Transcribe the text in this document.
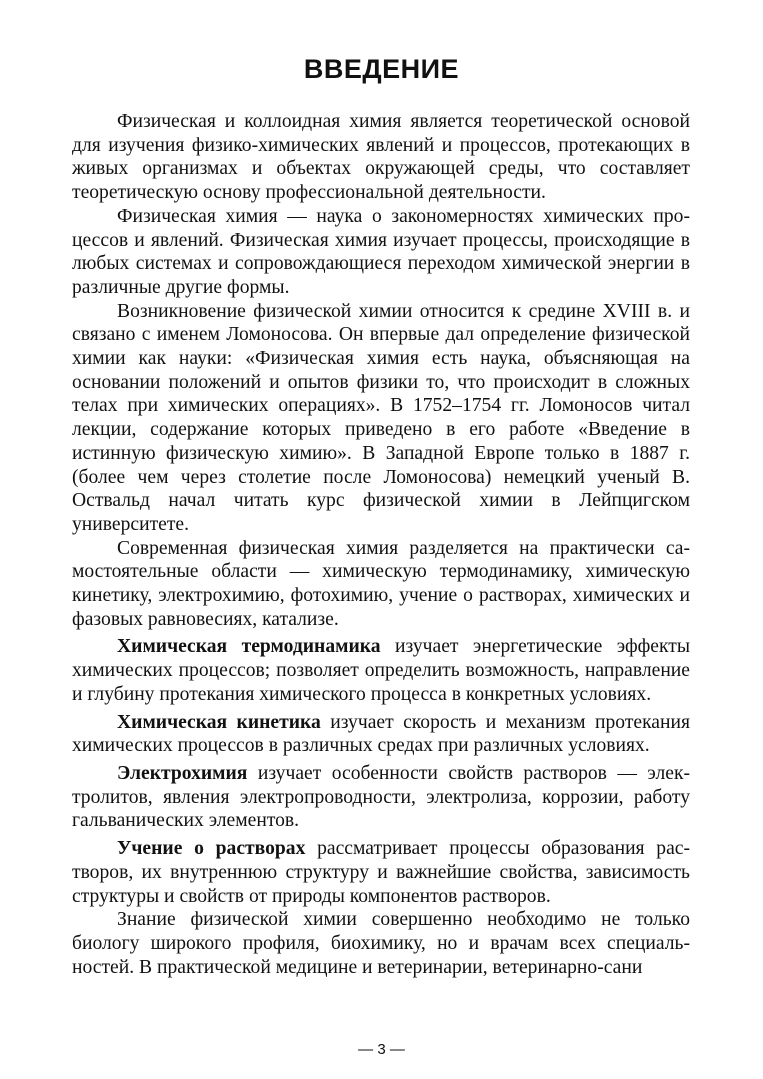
ВВЕДЕНИЕ

Физическая и коллоидная химия является теоретической основой для изучения физико-химических явлений и процессов, протекающих в живых организмах и объектах окружающей среды, что составляет теоретическую основу профессиональной деятельности.

Физическая химия — наука о закономерностях химических процессов и явлений. Физическая химия изучает процессы, происходящие в любых системах и сопровождающиеся переходом химической энергии в различные другие формы.

Возникновение физической химии относится к средине XVIII в. и связано с именем Ломоносова. Он впервые дал определение физической химии как науки: «Физическая химия есть наука, объясняющая на основании положений и опытов физики то, что происходит в сложных телах при химических операциях». В 1752–1754 гг. Ломоносов читал лекции, содержание которых приведено в его работе «Введение в истинную физическую химию». В Западной Европе только в 1887 г. (более чем через столетие после Ломоносова) немецкий ученый В. Оствальд начал читать курс физической химии в Лейпцигском университете.

Современная физическая химия разделяется на практически самостоятельные области — химическую термодинамику, химическую кинетику, электрохимию, фотохимию, учение о растворах, химических и фазовых равновесиях, катализе.

Химическая термодинамика изучает энергетические эффекты химических процессов; позволяет определить возможность, направление и глубину протекания химического процесса в конкретных условиях.

Химическая кинетика изучает скорость и механизм протекания химических процессов в различных средах при различных условиях.

Электрохимия изучает особенности свойств растворов — электролитов, явления электропроводности, электролиза, коррозии, работу гальванических элементов.

Учение о растворах рассматривает процессы образования растворов, их внутреннюю структуру и важнейшие свойства, зависимость структуры и свойств от природы компонентов растворов.

Знание физической химии совершенно необходимо не только биологу широкого профиля, биохимику, но и врачам всех специальностей. В практической медицине и ветеринарии, ветеринарно-сани

— 3 —
